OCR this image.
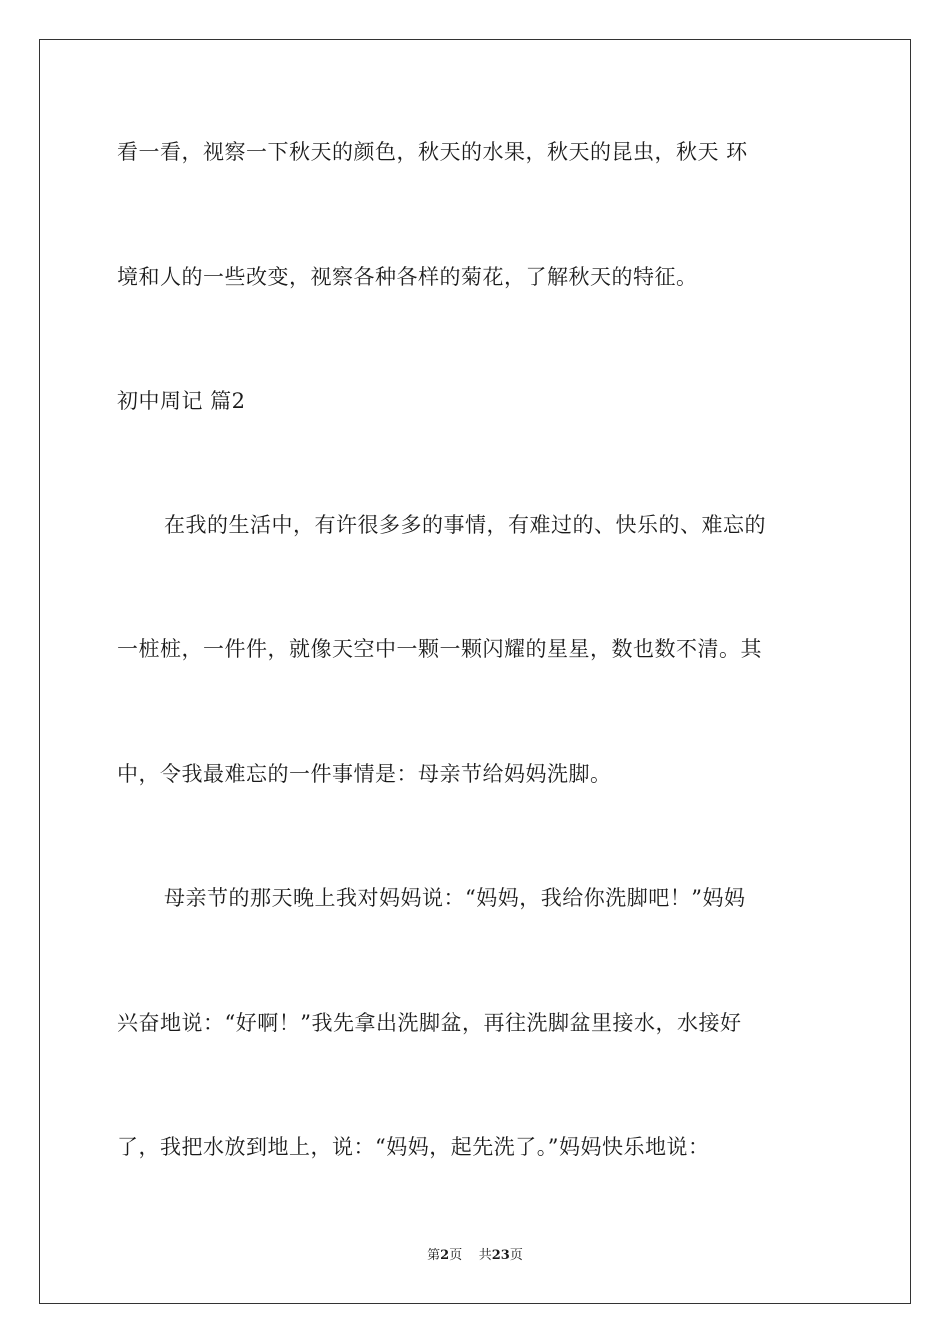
看一看，视察一下秋天的颜色，秋天的水果，秋天的昆虫，秋天 环
境和人的一些改变，视察各种各样的菊花，了解秋天的特征。
初中周记 篇2
在我的生活中，有许很多多的事情，有难过的、快乐的、难忘的
一桩桩，一件件，就像天空中一颗一颗闪耀的星星，数也数不清。其
中，令我最难忘的一件事情是：母亲节给妈妈洗脚。
母亲节的那天晚上我对妈妈说：“妈妈，我给你洗脚吧！”妈妈
兴奋地说：“好啊！”我先拿出洗脚盆，再往洗脚盆里接水，水接好
了，我把水放到地上，说：“妈妈，起先洗了。”妈妈快乐地说：
第2页 共23页
